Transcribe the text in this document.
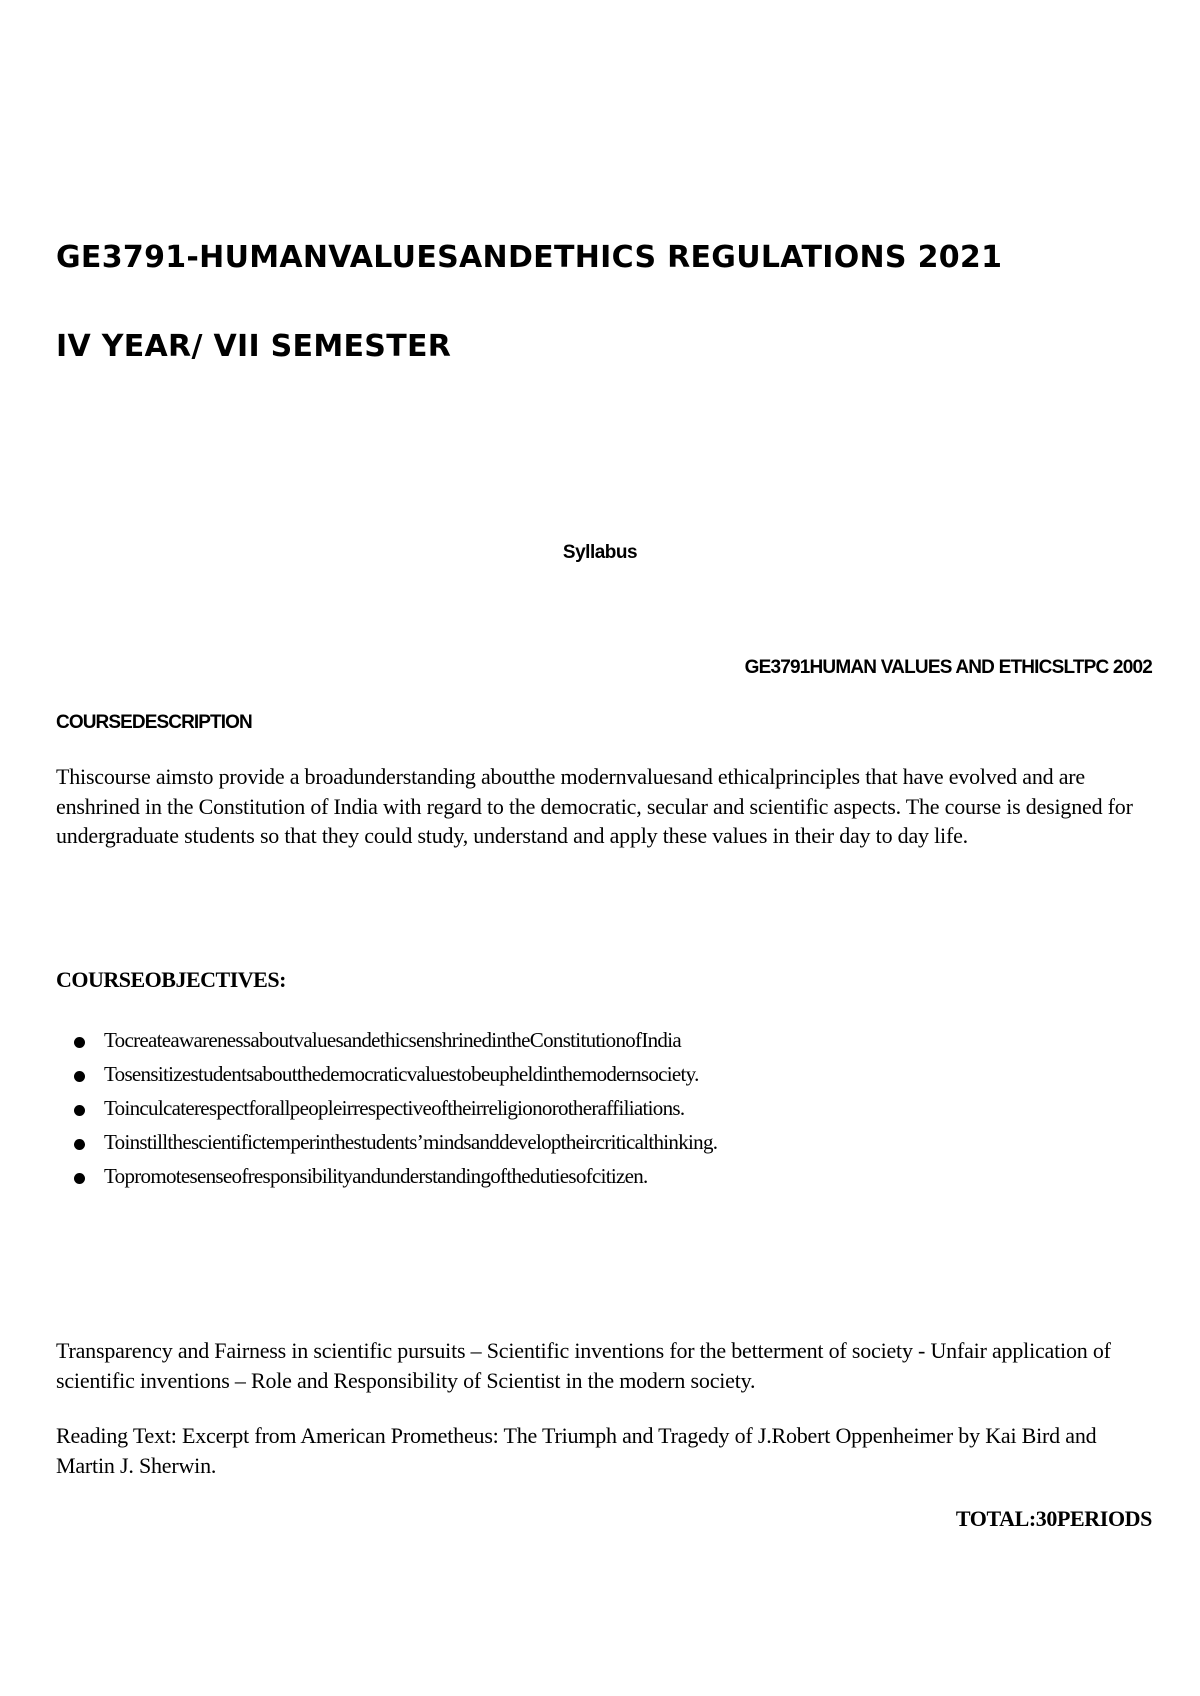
GE3791-HUMANVALUESANDETHICS REGULATIONS 2021
IV YEAR/ VII SEMESTER
Syllabus
GE3791HUMAN VALUES AND ETHICSLTPC 2002
COURSEDESCRIPTION

Thiscourse aimsto provide a broadunderstanding aboutthe modernvaluesand ethicalprinciples that have evolved and are enshrined in the Constitution of India with regard to the democratic, secular and scientific aspects. The course is designed for undergraduate students so that they could study, understand and apply these values in their day to day life.

COURSEOBJECTIVES:
TocreateawarenessaboutvaluesandethicsenshrinedintheConstitutionofIndia
Tosensitizestudentsaboutthedemocraticvaluestobeupheldinthemodernsociety.
Toinculcaterespectforallpeopleirrespectiveoftheirreligionorotheraffiliations.
Toinstillthescientifictemperinthestudents’mindsanddeveloptheircriticalthinking.
Topromotesenseofresponsibilityandunderstandingofthedutiesofcitizen.

Transparency and Fairness in scientific pursuits – Scientific inventions for the betterment of society - Unfair application of scientific inventions – Role and Responsibility of Scientist in the modern society.

Reading Text: Excerpt from American Prometheus: The Triumph and Tragedy of J.Robert Oppenheimer by Kai Bird and Martin J. Sherwin.

TOTAL:30PERIODS
